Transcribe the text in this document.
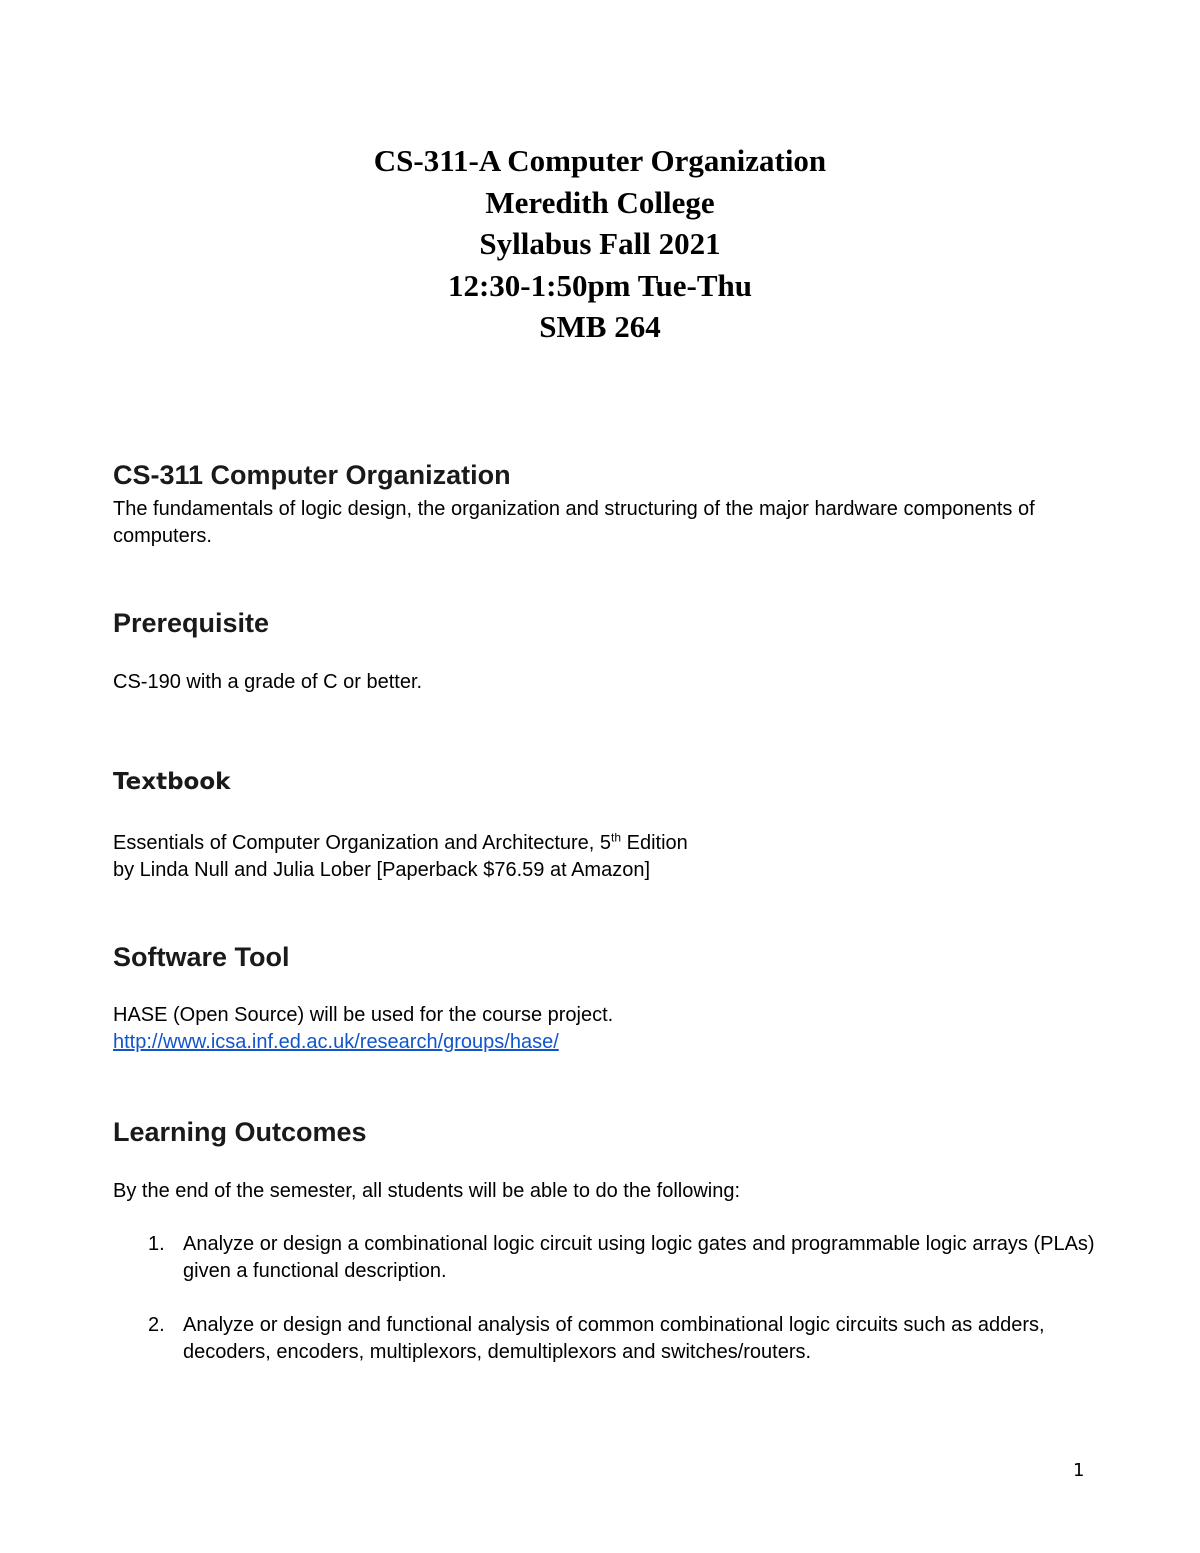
CS-311-A Computer Organization
Meredith College
Syllabus Fall 2021
12:30-1:50pm Tue-Thu
SMB 264
CS-311 Computer Organization
The fundamentals of logic design, the organization and structuring of the major hardware components of computers.
Prerequisite
CS-190 with a grade of C or better.
Textbook
Essentials of Computer Organization and Architecture, 5th Edition
by Linda Null and Julia Lober [Paperback $76.59 at Amazon]
Software Tool
HASE (Open Source) will be used for the course project.
http://www.icsa.inf.ed.ac.uk/research/groups/hase/
Learning Outcomes
By the end of the semester, all students will be able to do the following:
1. Analyze or design a combinational logic circuit using logic gates and programmable logic arrays (PLAs) given a functional description.
2. Analyze or design and functional analysis of common combinational logic circuits such as adders, decoders, encoders, multiplexors, demultiplexors and switches/routers.
1
